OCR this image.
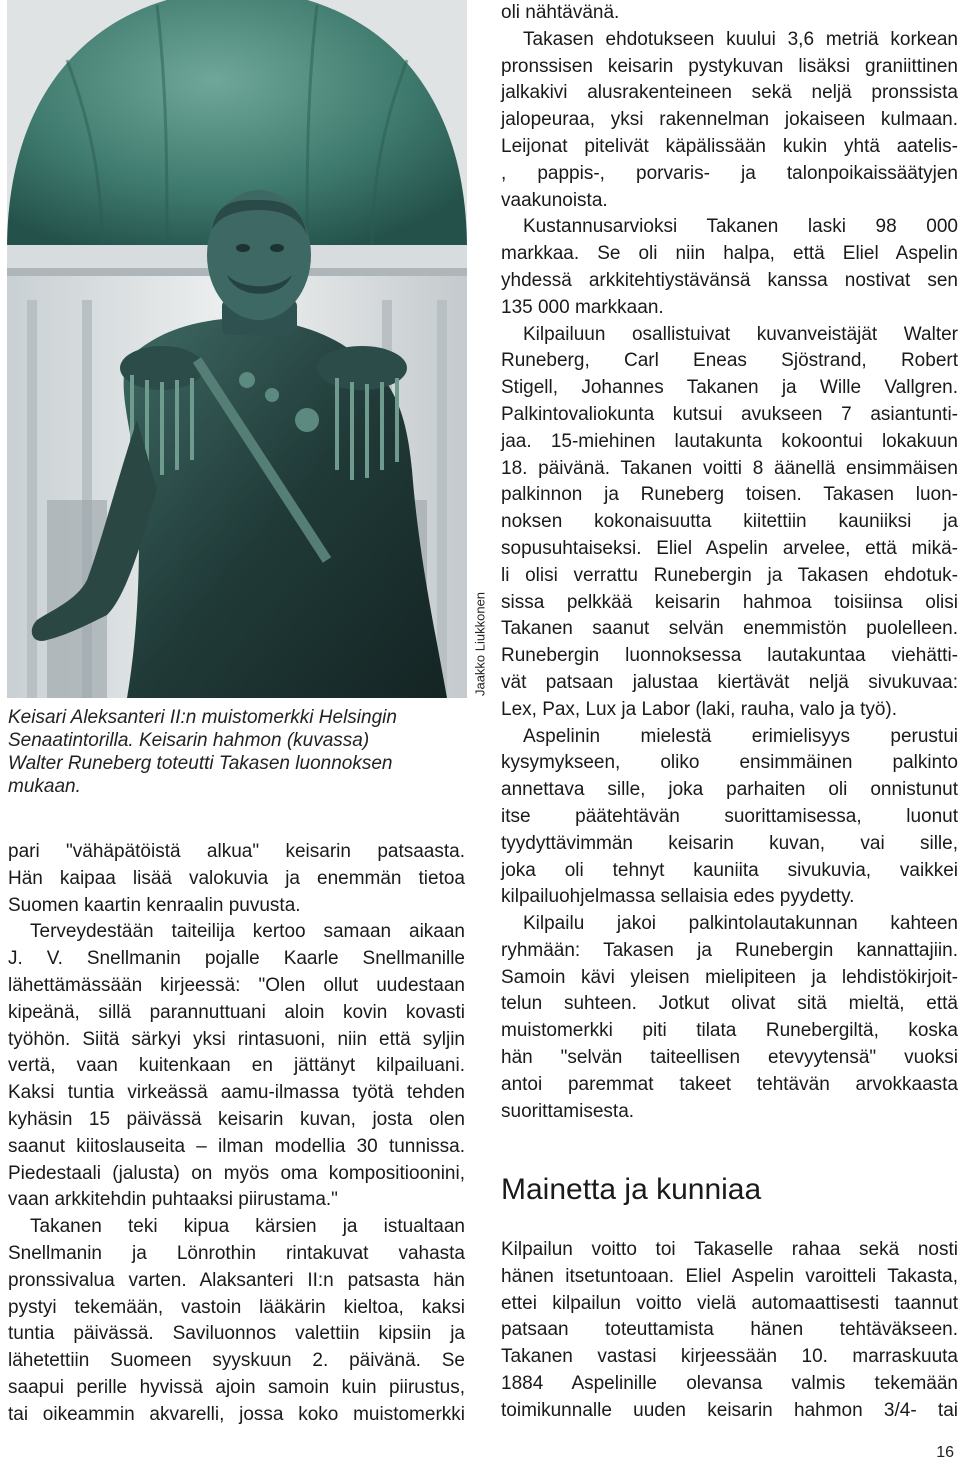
Jaakko Liukkonen
Keisari Aleksanteri II:n muistomerkki Helsingin
Senaatintorilla. Keisarin hahmon (kuvassa)
Walter Runeberg toteutti Takasen luonnoksen
mukaan.
pari "vähäpätöistä alkua" keisarin patsaasta.
Hän kaipaa lisää valokuvia ja enemmän tietoa
Suomen kaartin kenraalin puvusta.
Terveydestään taiteilija kertoo samaan aikaan
J. V. Snellmanin pojalle Kaarle Snellmanille
lähettämässään kirjeessä: "Olen ollut uudestaan
kipeänä, sillä parannuttuani aloin kovin kovasti
työhön. Siitä särkyi yksi rintasuoni, niin että syljin
vertä, vaan kuitenkaan en jättänyt kilpailuani.
Kaksi tuntia virkeässä aamu-ilmassa työtä tehden
kyhäsin 15 päivässä keisarin kuvan, josta olen
saanut kiitoslauseita – ilman modellia 30 tunnissa.
Piedestaali (jalusta) on myös oma kompositioonini,
vaan arkkitehdin puhtaaksi piirustama."
Takanen teki kipua kärsien ja istualtaan
Snellmanin ja Lönrothin rintakuvat vahasta
pronssivalua varten. Alaksanteri II:n patsasta hän
pystyi tekemään, vastoin lääkärin kieltoa, kaksi
tuntia päivässä. Saviluonnos valettiin kipsiin ja
lähetettiin Suomeen syyskuun 2. päivänä. Se
saapui perille hyvissä ajoin samoin kuin piirustus,
tai oikeammin akvarelli, jossa koko muistomerkki
oli nähtävänä.
Takasen ehdotukseen kuului 3,6 metriä korkean
pronssisen keisarin pystykuvan lisäksi graniittinen
jalkakivi alusrakenteineen sekä neljä pronssista
jalopeuraa, yksi rakennelman jokaiseen kulmaan.
Leijonat pitelivät käpälissään kukin yhtä aatelis-
, pappis-, porvaris- ja talonpoikaissäätyjen
vaakunoista.
Kustannusarvioksi Takanen laski 98 000
markkaa. Se oli niin halpa, että Eliel Aspelin
yhdessä arkkitehtiystävänsä kanssa nostivat sen
135 000 markkaan.
Kilpailuun osallistuivat kuvanveistäjät Walter
Runeberg, Carl Eneas Sjöstrand, Robert
Stigell, Johannes Takanen ja Wille Vallgren.
Palkintovaliokunta kutsui avukseen 7 asiantunti-
jaa. 15-miehinen lautakunta kokoontui lokakuun
18. päivänä. Takanen voitti 8 äänellä ensimmäisen
palkinnon ja Runeberg toisen. Takasen luon-
noksen kokonaisuutta kiitettiin kauniiksi ja
sopusuhtaiseksi. Eliel Aspelin arvelee, että mikä-
li olisi verrattu Runebergin ja Takasen ehdotuk-
sissa pelkkää keisarin hahmoa toisiinsa olisi
Takanen saanut selvän enemmistön puolelleen.
Runebergin luonnoksessa lautakuntaa viehätti-
vät patsaan jalustaa kiertävät neljä sivukuvaa:
Lex, Pax, Lux ja Labor (laki, rauha, valo ja työ).
Aspelinin mielestä erimielisyys perustui
kysymykseen, oliko ensimmäinen palkinto
annettava sille, joka parhaiten oli onnistunut
itse päätehtävän suorittamisessa, luonut
tyydyttävimmän keisarin kuvan, vai sille,
joka oli tehnyt kauniita sivukuvia, vaikkei
kilpailuohjelmassa sellaisia edes pyydetty.
Kilpailu jakoi palkintolautakunnan kahteen
ryhmään: Takasen ja Runebergin kannattajiin.
Samoin kävi yleisen mielipiteen ja lehdistökirjoit-
telun suhteen. Jotkut olivat sitä mieltä, että
muistomerkki piti tilata Runebergiltä, koska
hän "selvän taiteellisen etevyytensä" vuoksi
antoi paremmat takeet tehtävän arvokkaasta
suorittamisesta.
Mainetta ja kunniaa
Kilpailun voitto toi Takaselle rahaa sekä nosti
hänen itsetuntoaan. Eliel Aspelin varoitteli Takasta,
ettei kilpailun voitto vielä automaattisesti taannut
patsaan toteuttamista hänen tehtäväkseen.
Takanen vastasi kirjeessään 10. marraskuuta
1884 Aspelinille olevansa valmis tekemään
toimikunnalle uuden keisarin hahmon 3/4- tai
16
